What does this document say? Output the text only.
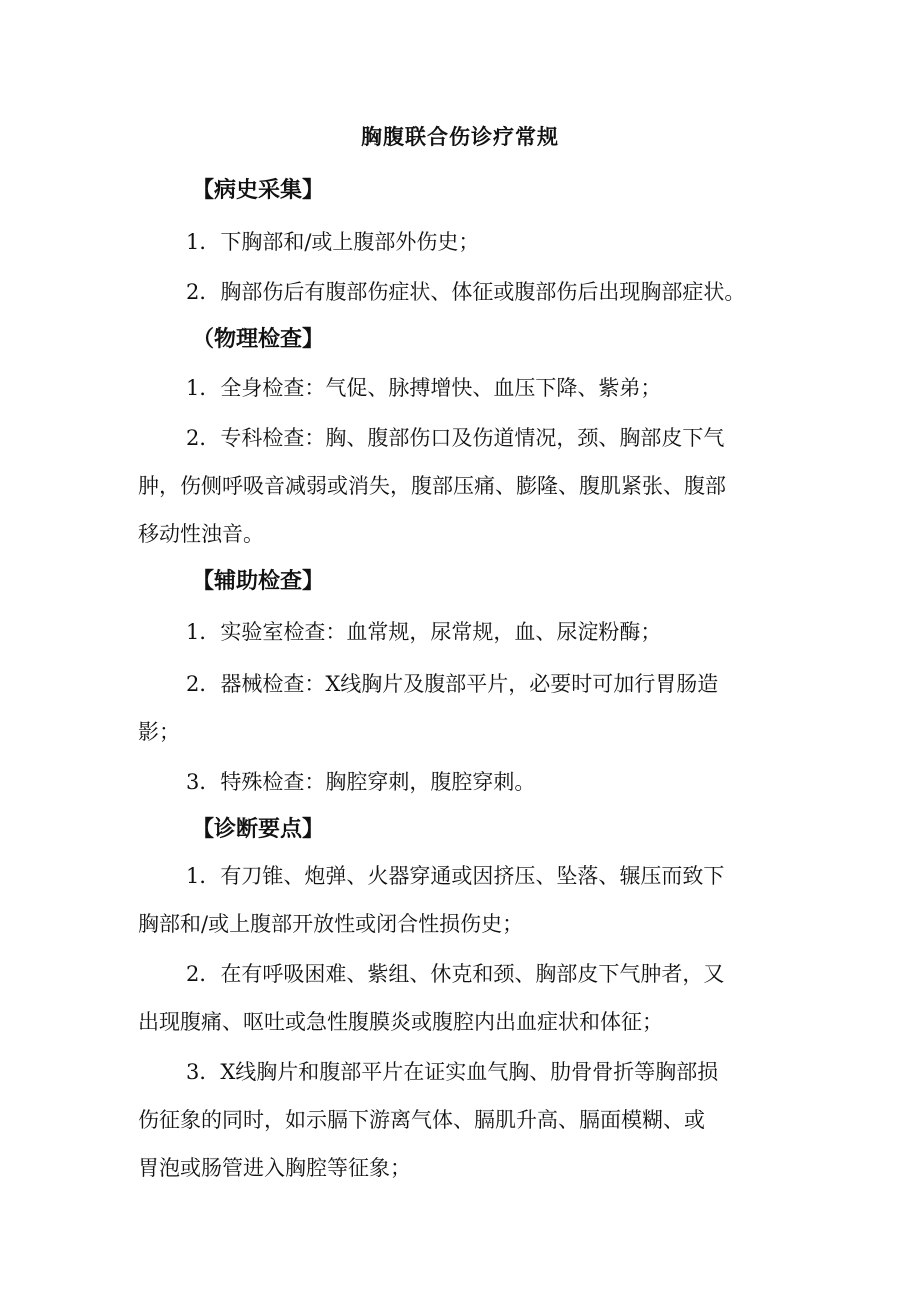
胸腹联合伤诊疗常规
【病史采集】
1．下胸部和/或上腹部外伤史；
2．胸部伤后有腹部伤症状、体征或腹部伤后出现胸部症状。
（物理检查】
1．全身检查：气促、脉搏增快、血压下降、紫弟；
2．专科检查：胸、腹部伤口及伤道情况，颈、胸部皮下气
肿，伤侧呼吸音减弱或消失，腹部压痛、膨隆、腹肌紧张、腹部
移动性浊音。
【辅助检查】
1．实验室检查：血常规，尿常规，血、尿淀粉酶；
2．器械检查：X线胸片及腹部平片，必要时可加行胃肠造
影；
3．特殊检查：胸腔穿刺，腹腔穿刺。
【诊断要点】
1．有刀锥、炮弹、火器穿通或因挤压、坠落、辗压而致下
胸部和/或上腹部开放性或闭合性损伤史；
2．在有呼吸困难、紫组、休克和颈、胸部皮下气肿者，又
出现腹痛、呕吐或急性腹膜炎或腹腔内出血症状和体征；
3．X线胸片和腹部平片在证实血气胸、肋骨骨折等胸部损
伤征象的同时，如示膈下游离气体、膈肌升高、膈面模糊、或
胃泡或肠管进入胸腔等征象；
